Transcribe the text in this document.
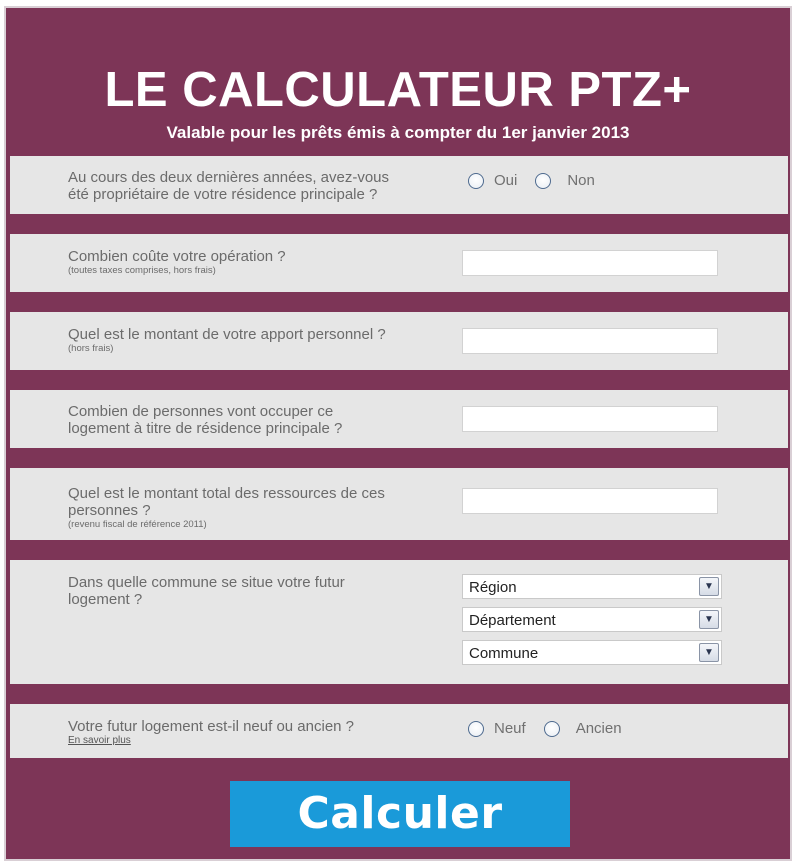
LE CALCULATEUR PTZ+
Valable pour les prêts émis à compter du 1er janvier 2013
Au cours des deux dernières années, avez-vous
été propriétaire de votre résidence principale ?
Oui	Non
Combien coûte votre opération ?
(toutes taxes comprises, hors frais)
Quel est le montant de votre apport personnel ?
(hors frais)
Combien de personnes vont occuper ce
logement à titre de résidence principale ?
Quel est le montant total des ressources de ces
personnes ?
(revenu fiscal de référence 2011)
Dans quelle commune se situe votre futur
logement ?
Région	▼
Département	▼
Commune	▼
Votre futur logement est-il neuf ou ancien ?
En savoir plus
Neuf	Ancien
Calculer
